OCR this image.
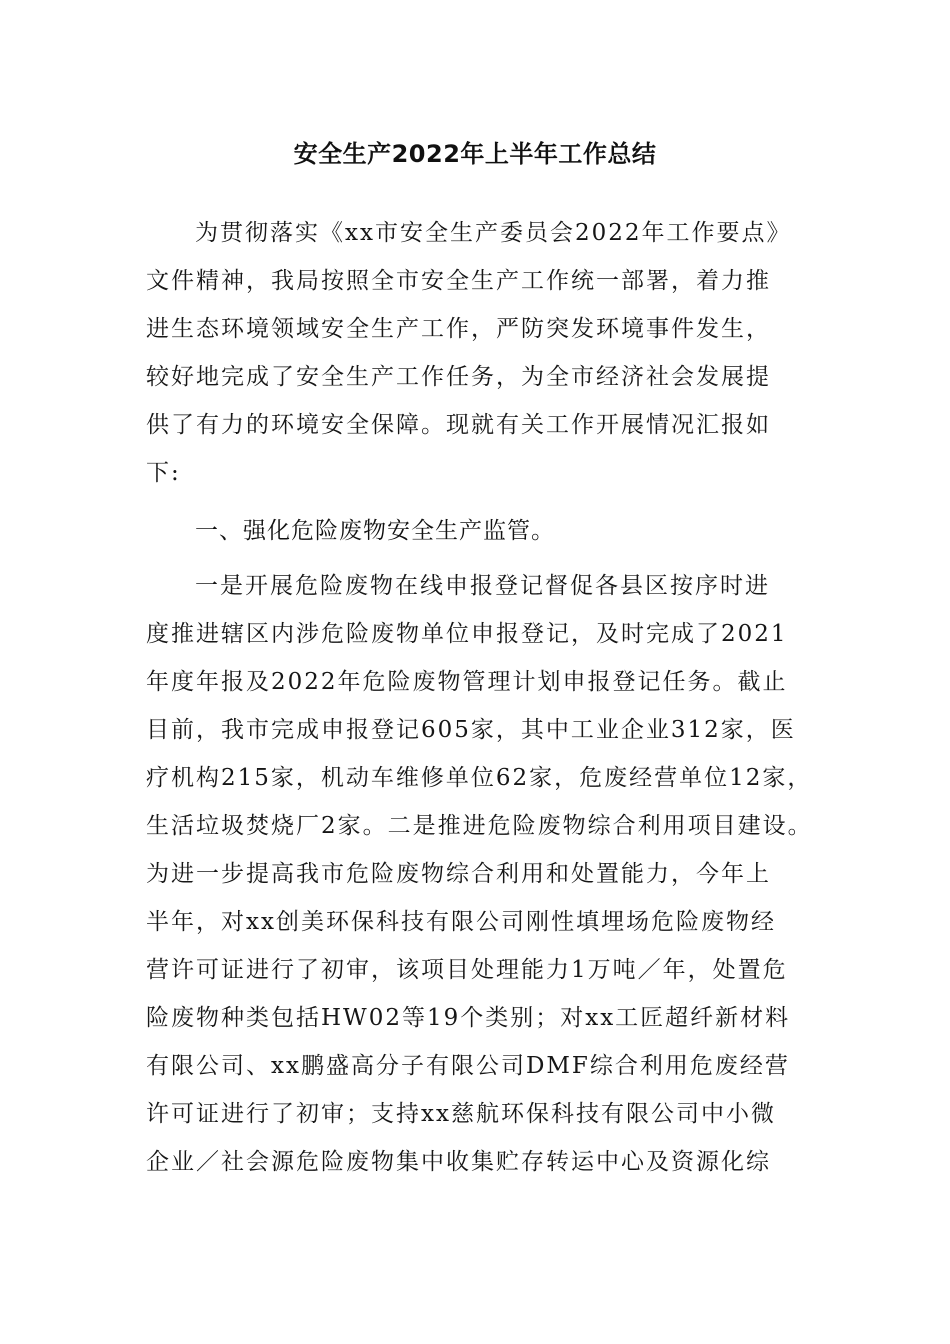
安全生产2022年上半年工作总结
为贯彻落实《xx市安全生产委员会2022年工作要点》
文件精神，我局按照全市安全生产工作统一部署，着力推
进生态环境领域安全生产工作，严防突发环境事件发生，
较好地完成了安全生产工作任务，为全市经济社会发展提
供了有力的环境安全保障。现就有关工作开展情况汇报如
下:
一、强化危险废物安全生产监管。
一是开展危险废物在线申报登记督促各县区按序时进
度推进辖区内涉危险废物单位申报登记，及时完成了2021
年度年报及2022年危险废物管理计划申报登记任务。截止
目前，我市完成申报登记605家，其中工业企业312家，医
疗机构215家，机动车维修单位62家，危废经营单位12家，
生活垃圾焚烧厂2家。二是推进危险废物综合利用项目建设。
为进一步提高我市危险废物综合利用和处置能力，今年上
半年，对xx创美环保科技有限公司刚性填埋场危险废物经
营许可证进行了初审，该项目处理能力1万吨／年，处置危
险废物种类包括HW02等19个类别；对xx工匠超纤新材料
有限公司、xx鹏盛高分子有限公司DMF综合利用危废经营
许可证进行了初审；支持xx慈航环保科技有限公司中小微
企业／社会源危险废物集中收集贮存转运中心及资源化综
